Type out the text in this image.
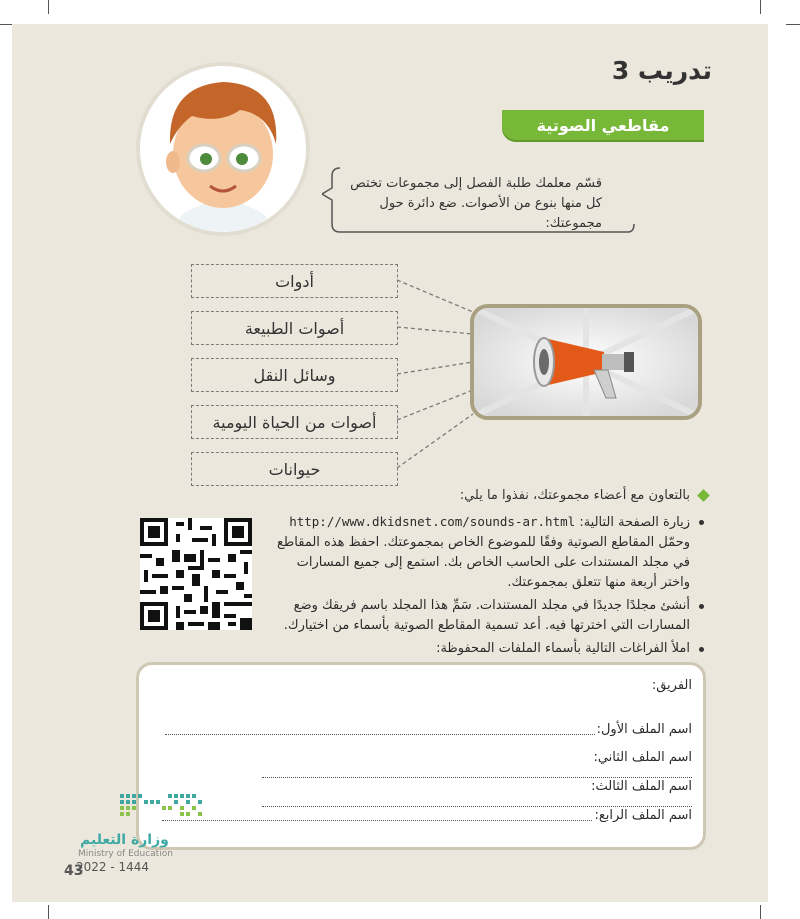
تدريب 3
مقاطعي الصوتية
قسّم معلمك طلبة الفصل إلى مجموعات تختص كل منها بنوع من الأصوات. ضع دائرة حول مجموعتك:
أدوات
أصوات الطبيعة
وسائل النقل
أصوات من الحياة اليومية
حيوانات
بالتعاون مع أعضاء مجموعتك، نفذوا ما يلي:
زيارة الصفحة التالية: http://www.dkidsnet.com/sounds-ar.html وحمّل المقاطع الصوتية وفقًا للموضوع الخاص بمجموعتك. احفظ هذه المقاطع في مجلد المستندات على الحاسب الخاص بك. استمع إلى جميع المسارات واختر أربعة منها تتعلق بمجموعتك.
أنشئ مجلدًا جديدًا في مجلد المستندات. سَمِّ هذا المجلد باسم فريقك وضع المسارات التي اخترتها فيه. أعد تسمية المقاطع الصوتية بأسماء من اختيارك.
املأ الفراغات التالية بأسماء الملفات المحفوظة:
الفريق:
اسم الملف الأول:
اسم الملف الثاني:
اسم الملف الثالث:
اسم الملف الرابع:
وزارة التعليم
Ministry of Education
2022 - 1444
43
